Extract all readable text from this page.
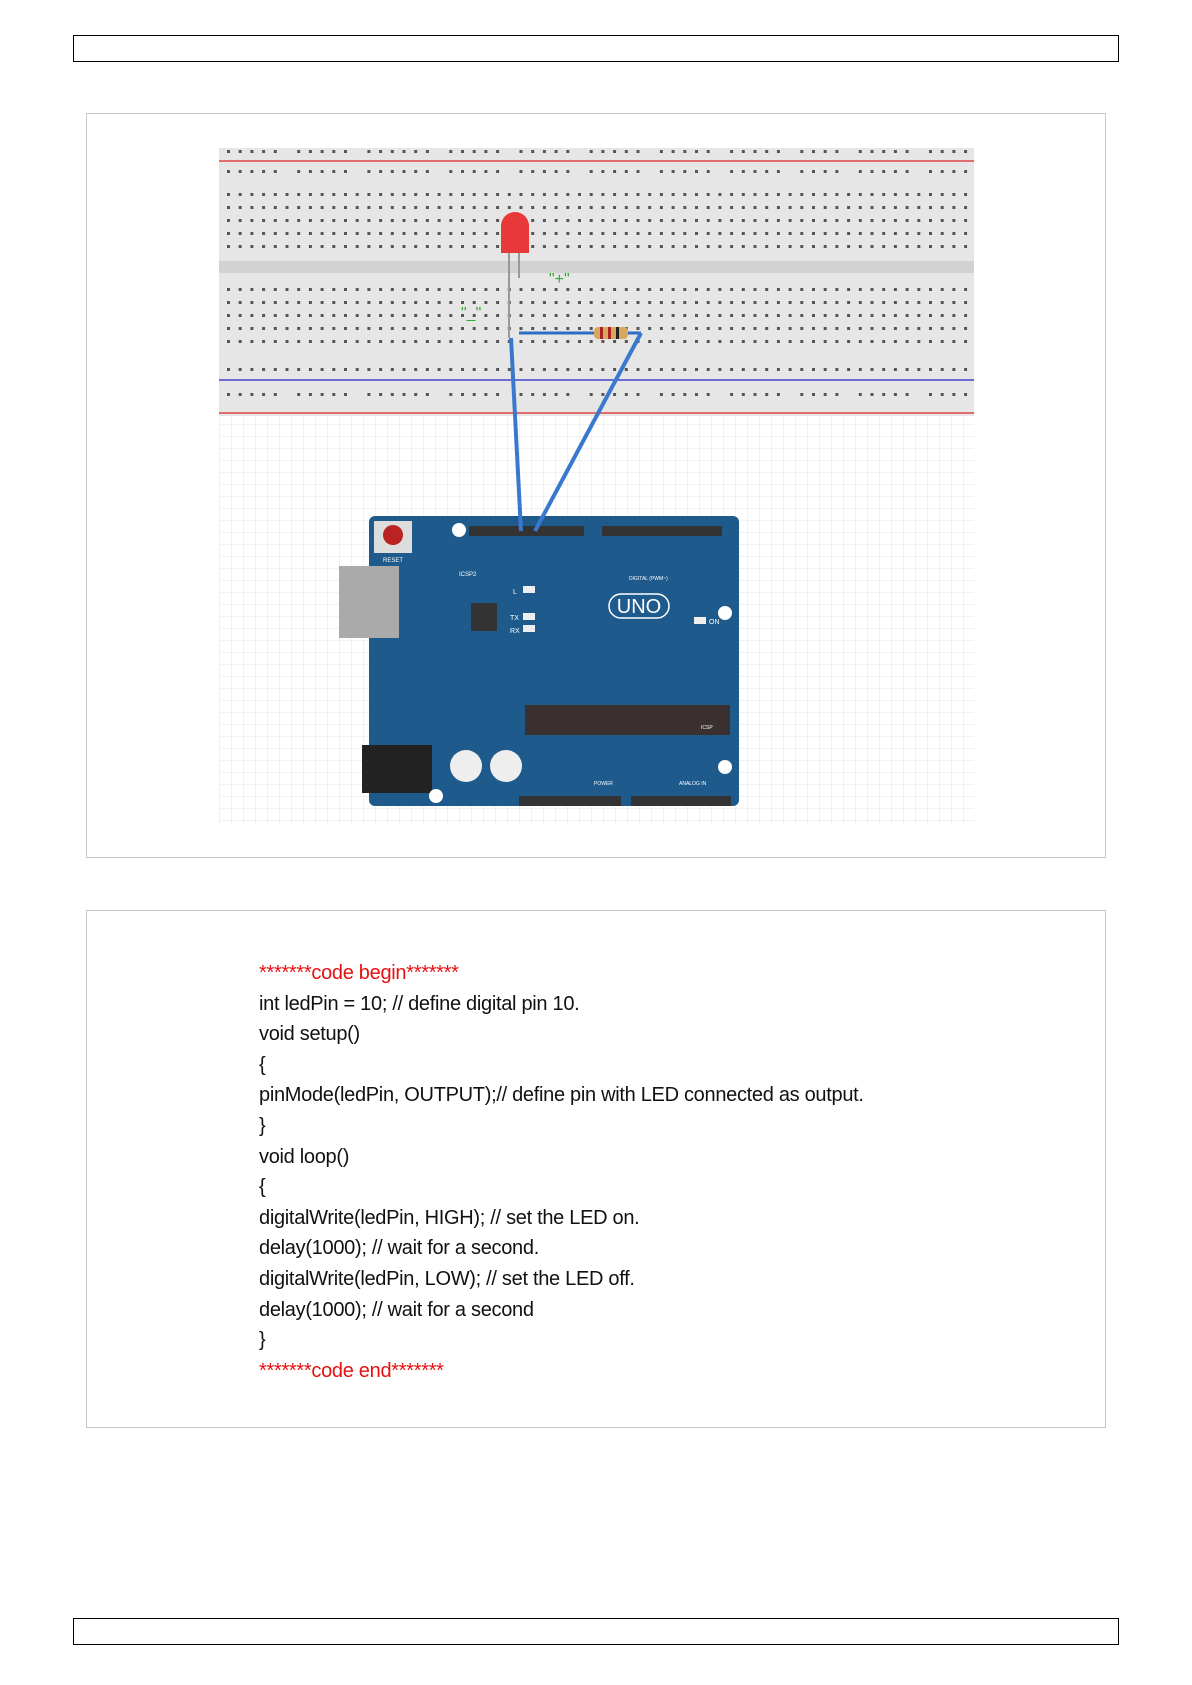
"+"
"_"
RESET
ICSP2
DIGITAL (PWM~)
L
TX
RX
UNO
ON
ICSP
POWER	ANALOG IN
*******code begin*******
int ledPin = 10; // define digital pin 10.
void setup()
{
pinMode(ledPin, OUTPUT);// define pin with LED connected as output.
}
void loop()
{
digitalWrite(ledPin, HIGH); // set the LED on.
delay(1000); // wait for a second.
digitalWrite(ledPin, LOW); // set the LED off.
delay(1000); // wait for a second
}
*******code end*******
